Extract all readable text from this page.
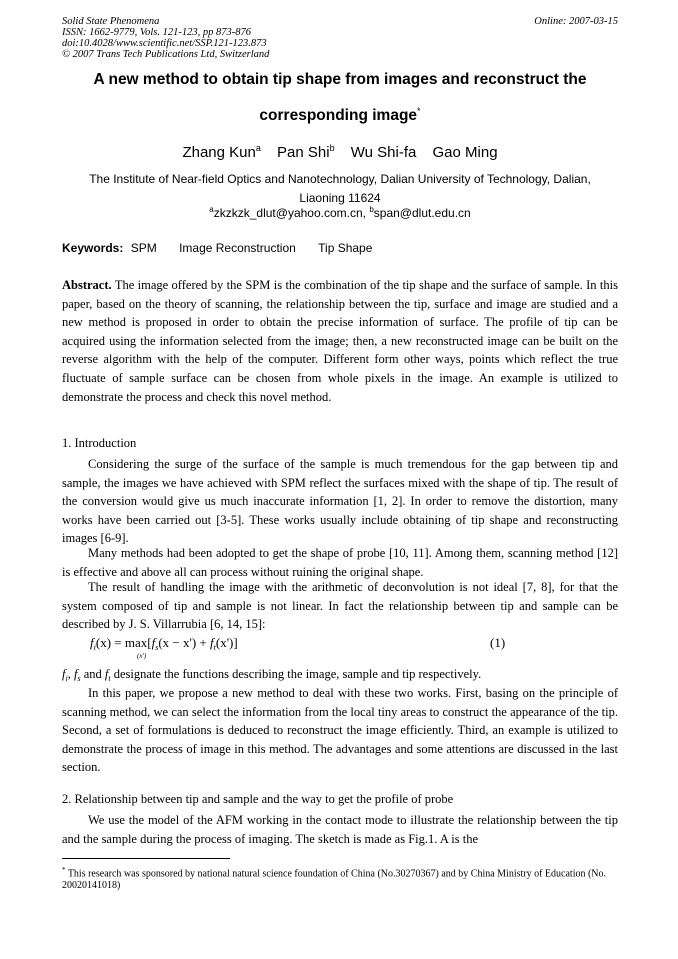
Solid State Phenomena
ISSN: 1662-9779, Vols. 121-123, pp 873-876
doi:10.4028/www.scientific.net/SSP.121-123.873
© 2007 Trans Tech Publications Ltd, Switzerland
Online: 2007-03-15
A new method to obtain tip shape from images and reconstruct the
corresponding image*
Zhang Kun$^a$ Pan Shi$^b$ Wu Shi-fa Gao Ming
The Institute of Near-field Optics and Nanotechnology, Dalian University of Technology, Dalian,
Liaoning 11624
$^a$zkzkzk_dlut@yahoo.com.cn, $^b$span@dlut.edu.cn
Keywords: SPM Image Reconstruction Tip Shape

Abstract. The image offered by the SPM is the combination of the tip shape and the surface of sample. In this paper, based on the theory of scanning, the relationship between the tip, surface and image are studied and a new method is proposed in order to obtain the precise information of surface. The profile of tip can be acquired using the information selected from the image; then, a new reconstructed image can be built on the reverse algorithm with the help of the computer. Different form other ways, points which reflect the true fluctuate of sample surface can be chosen from whole pixels in the image. An example is utilized to demonstrate the process and check this novel method.

1. Introduction

Considering the surge of the surface of the sample is much tremendous for the gap between tip and sample, the images we have achieved with SPM reflect the surfaces mixed with the shape of tip. The result of the conversion would give us much inaccurate information [1, 2]. In order to remove the distortion, many works have been carried out [3-5]. These works usually include obtaining of tip shape and reconstructing images [6-9].

Many methods had been adopted to get the shape of probe [10, 11]. Among them, scanning method [12] is effective and above all can process without ruining the original shape.

The result of handling the image with the arithmetic of deconvolution is not ideal [7, 8], for that the system composed of tip and sample is not linear. In fact the relationship between tip and sample can be described by J. S. Villarrubia [6, 14, 15]:

$f_i(x) = \max[f_s(x - x') + f_t(x')]$
(x')
(1)

$f_i$, $f_s$ and $f_t$ designate the functions describing the image, sample and tip respectively.

In this paper, we propose a new method to deal with these two works. First, basing on the principle of scanning method, we can select the information from the local tiny areas to construct the appearance of the tip. Second, a set of formulations is deduced to reconstruct the image efficiently. Third, an example is utilized to demonstrate the process of image in this method. The advantages and some attentions are discussed in the last section.

2. Relationship between tip and sample and the way to get the profile of probe

We use the model of the AFM working in the contact mode to illustrate the relationship between the tip and the sample during the process of imaging. The sketch is made as Fig.1. A is the

* This research was sponsored by national natural science foundation of China (No.30270367) and by China Ministry of Education (No. 20020141018)
